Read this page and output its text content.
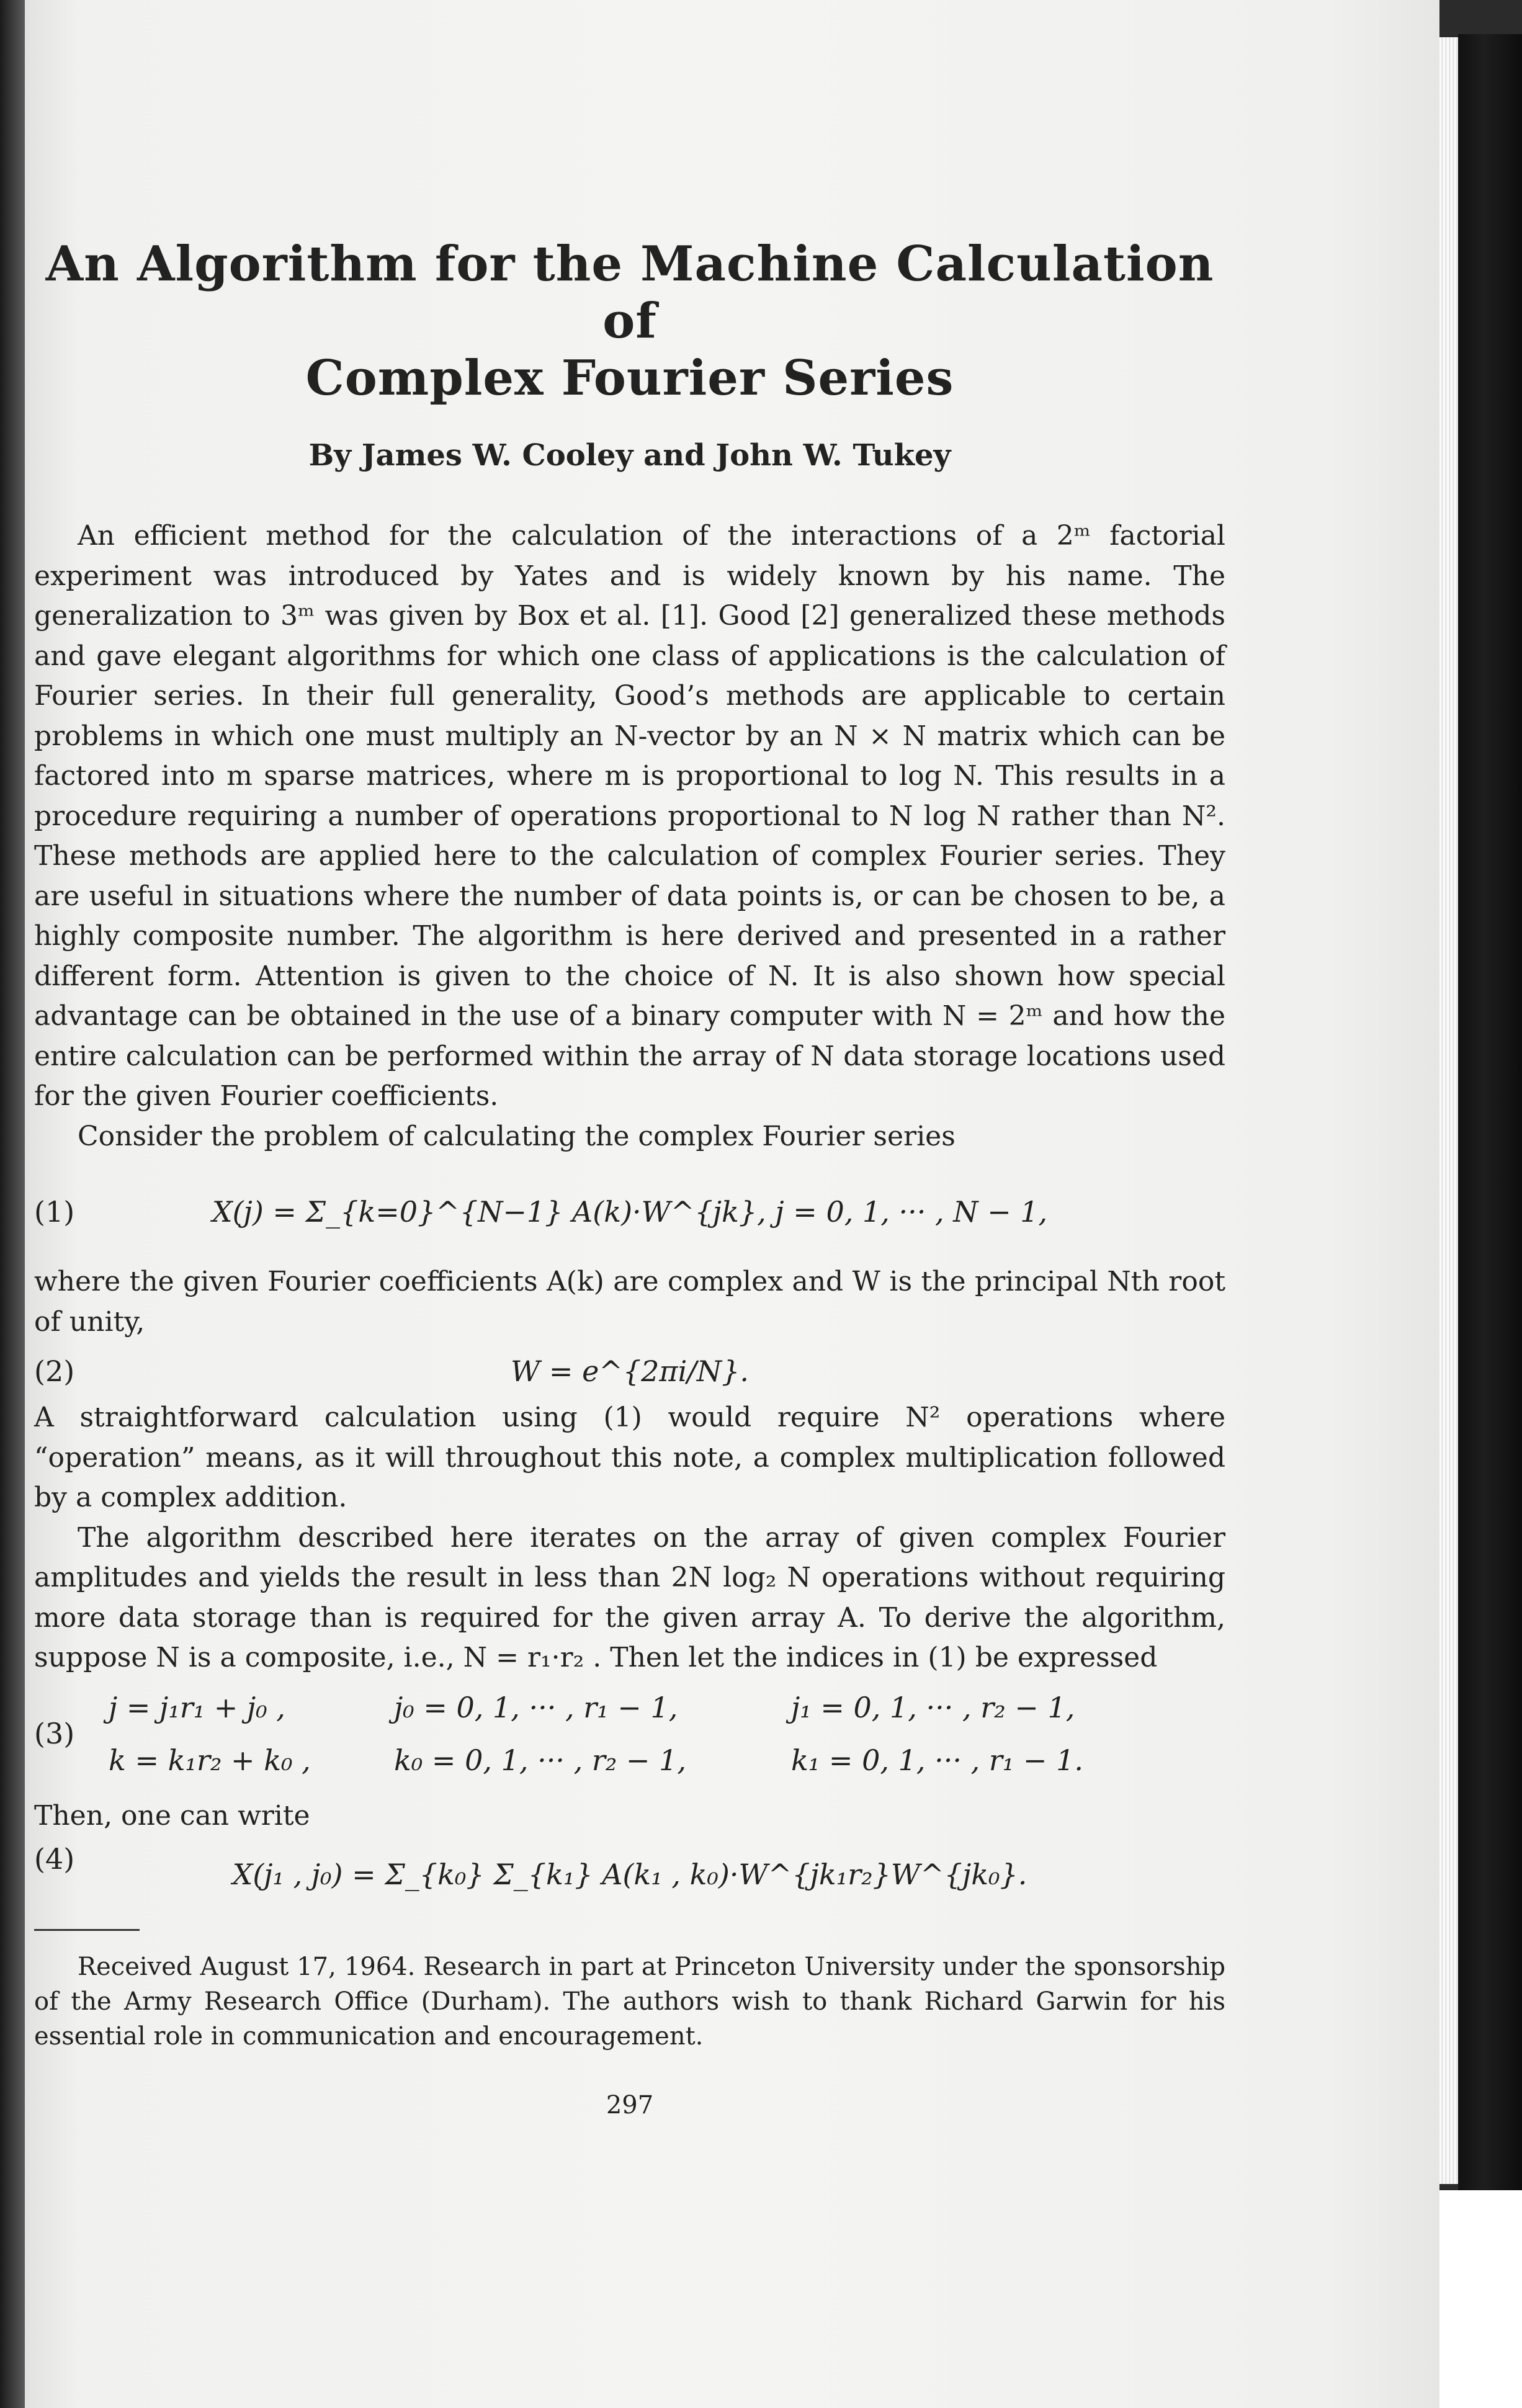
An Algorithm for the Machine Calculation of
Complex Fourier Series
By James W. Cooley and John W. Tukey

An efficient method for the calculation of the interactions of a 2ᵐ factorial experiment was introduced by Yates and is widely known by his name. The generalization to 3ᵐ was given by Box et al. [1]. Good [2] generalized these methods and gave elegant algorithms for which one class of applications is the calculation of Fourier series. In their full generality, Good’s methods are applicable to certain problems in which one must multiply an N-vector by an N × N matrix which can be factored into m sparse matrices, where m is proportional to log N. This results in a procedure requiring a number of operations proportional to N log N rather than N². These methods are applied here to the calculation of complex Fourier series. They are useful in situations where the number of data points is, or can be chosen to be, a highly composite number. The algorithm is here derived and presented in a rather different form. Attention is given to the choice of N. It is also shown how special advantage can be obtained in the use of a binary computer with N = 2ᵐ and how the entire calculation can be performed within the array of N data storage locations used for the given Fourier coefficients.

Consider the problem of calculating the complex Fourier series

(1)	X(j) = Σ_{k=0}^{N−1} A(k)·W^{jk}, j = 0, 1, ··· , N − 1,

where the given Fourier coefficients A(k) are complex and W is the principal Nth root of unity,

(2)	W = e^{2πi/N}.

A straightforward calculation using (1) would require N² operations where “operation” means, as it will throughout this note, a complex multiplication followed by a complex addition.

The algorithm described here iterates on the array of given complex Fourier amplitudes and yields the result in less than 2N log₂ N operations without requiring more data storage than is required for the given array A. To derive the algorithm, suppose N is a composite, i.e., N = r₁·r₂ . Then let the indices in (1) be expressed

(3)
j = j₁r₁ + j₀ ,	j₀ = 0, 1, ··· , r₁ − 1,	j₁ = 0, 1, ··· , r₂ − 1,
k = k₁r₂ + k₀ ,	k₀ = 0, 1, ··· , r₂ − 1,	k₁ = 0, 1, ··· , r₁ − 1.

Then, one can write

(4)	X(j₁ , j₀) = Σ_{k₀} Σ_{k₁} A(k₁ , k₀)·W^{jk₁r₂}W^{jk₀}.

Received August 17, 1964. Research in part at Princeton University under the sponsorship of the Army Research Office (Durham). The authors wish to thank Richard Garwin for his essential role in communication and encouragement.

297
